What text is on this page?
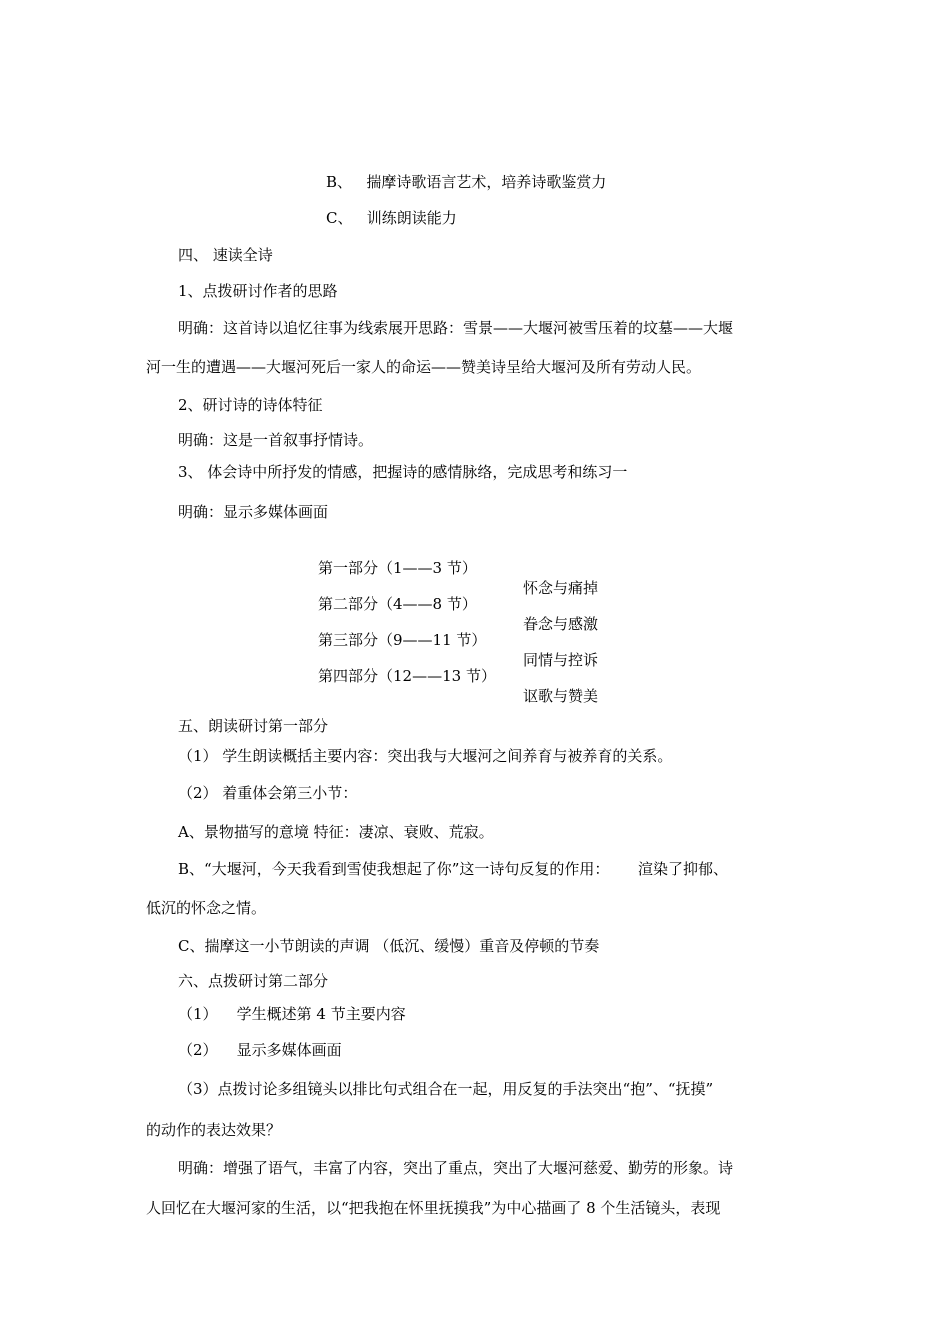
B、   揣摩诗歌语言艺术，培养诗歌鉴赏力
C、   训练朗读能力
四、 速读全诗
1、点拨研讨作者的思路
明确：这首诗以追忆往事为线索展开思路：雪景——大堰河被雪压着的坟墓——大堰
河一生的遭遇——大堰河死后一家人的命运——赞美诗呈给大堰河及所有劳动人民。
2、研讨诗的诗体特征
明确：这是一首叙事抒情诗。
3、 体会诗中所抒发的情感，把握诗的感情脉络，完成思考和练习一
明确：显示多媒体画面

第一部分（1——3 节）

怀念与痛掉

第二部分（4——8 节）

眷念与感激

第三部分（9——11 节）

同情与控诉

第四部分（12——13 节）

讴歌与赞美

五、朗读研讨第一部分
（1） 学生朗读概括主要内容：突出我与大堰河之间养育与被养育的关系。
（2） 着重体会第三小节：
A、景物描写的意境 特征：凄凉、衰败、荒寂。
B、“大堰河，今天我看到雪使我想起了你”这一诗句反复的作用：      渲染了抑郁、
低沉的怀念之情。
C、揣摩这一小节朗读的声调 （低沉、缓慢）重音及停顿的节奏
六、点拨研讨第二部分
（1）    学生概述第 4 节主要内容
（2）    显示多媒体画面
（3）点拨讨论多组镜头以排比句式组合在一起，用反复的手法突出“抱”、“抚摸”
的动作的表达效果？
明确：增强了语气，丰富了内容，突出了重点，突出了大堰河慈爱、勤劳的形象。诗
人回忆在大堰河家的生活，以“把我抱在怀里抚摸我”为中心描画了 8 个生活镜头，表现
